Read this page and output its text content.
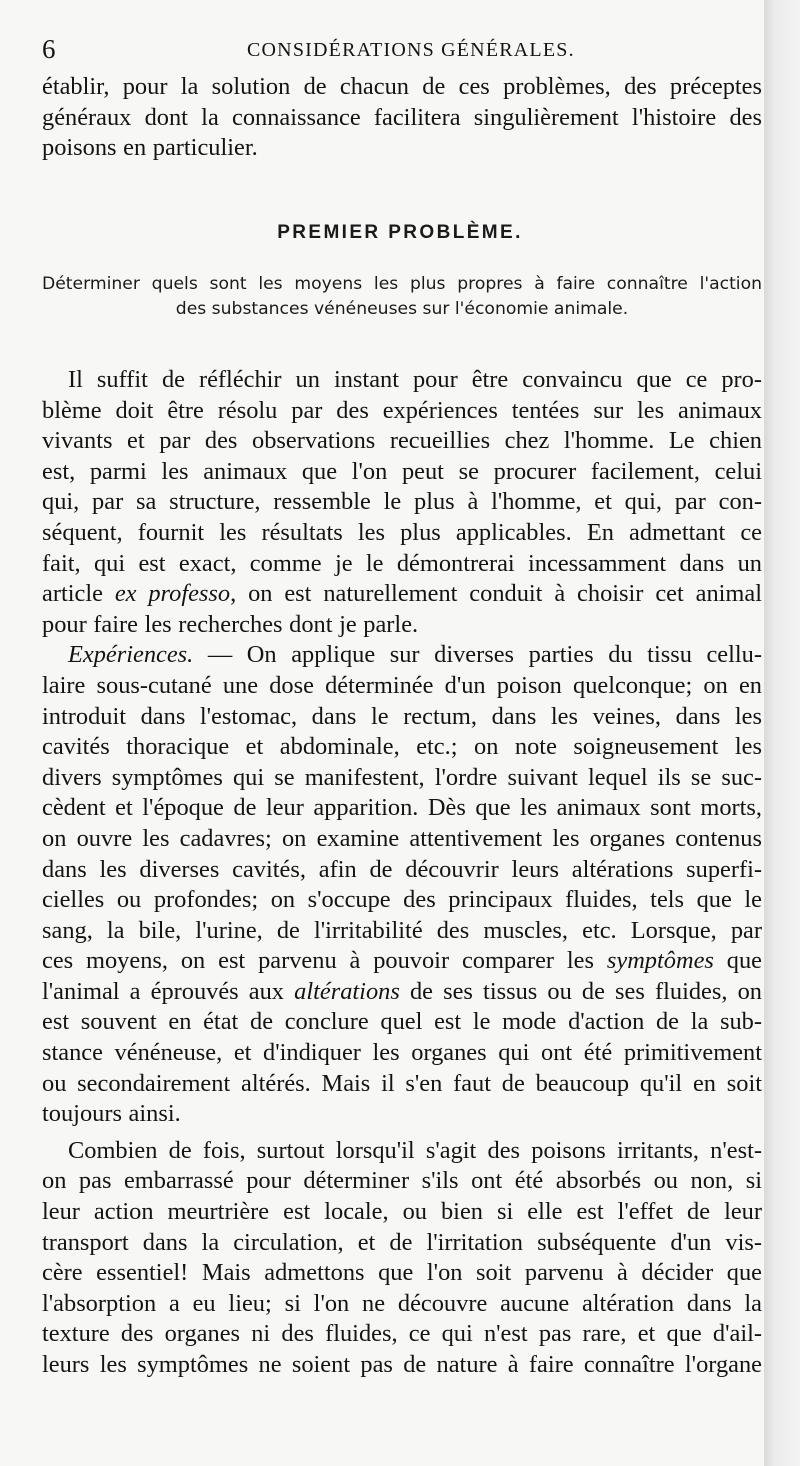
6	CONSIDÉRATIONS GÉNÉRALES.
établir, pour la solution de chacun de ces problèmes, des préceptes
généraux dont la connaissance facilitera singulièrement l'histoire des
poisons en particulier.
PREMIER PROBLÈME.
Déterminer quels sont les moyens les plus propres à faire connaître l'action
des substances vénéneuses sur l'économie animale.
Il suffit de réfléchir un instant pour être convaincu que ce pro-
blème doit être résolu par des expériences tentées sur les animaux
vivants et par des observations recueillies chez l'homme. Le chien
est, parmi les animaux que l'on peut se procurer facilement, celui
qui, par sa structure, ressemble le plus à l'homme, et qui, par con-
séquent, fournit les résultats les plus applicables. En admettant ce
fait, qui est exact, comme je le démontrerai incessamment dans un
article ex professo, on est naturellement conduit à choisir cet animal
pour faire les recherches dont je parle.
Expériences. — On applique sur diverses parties du tissu cellu-
laire sous-cutané une dose déterminée d'un poison quelconque; on en
introduit dans l'estomac, dans le rectum, dans les veines, dans les
cavités thoracique et abdominale, etc.; on note soigneusement les
divers symptômes qui se manifestent, l'ordre suivant lequel ils se suc-
cèdent et l'époque de leur apparition. Dès que les animaux sont morts,
on ouvre les cadavres; on examine attentivement les organes contenus
dans les diverses cavités, afin de découvrir leurs altérations superfi-
cielles ou profondes; on s'occupe des principaux fluides, tels que le
sang, la bile, l'urine, de l'irritabilité des muscles, etc. Lorsque, par
ces moyens, on est parvenu à pouvoir comparer les symptômes que
l'animal a éprouvés aux altérations de ses tissus ou de ses fluides, on
est souvent en état de conclure quel est le mode d'action de la sub-
stance vénéneuse, et d'indiquer les organes qui ont été primitivement
ou secondairement altérés. Mais il s'en faut de beaucoup qu'il en soit
toujours ainsi.
Combien de fois, surtout lorsqu'il s'agit des poisons irritants, n'est-
on pas embarrassé pour déterminer s'ils ont été absorbés ou non, si
leur action meurtrière est locale, ou bien si elle est l'effet de leur
transport dans la circulation, et de l'irritation subséquente d'un vis-
cère essentiel! Mais admettons que l'on soit parvenu à décider que
l'absorption a eu lieu; si l'on ne découvre aucune altération dans la
texture des organes ni des fluides, ce qui n'est pas rare, et que d'ail-
leurs les symptômes ne soient pas de nature à faire connaître l'organe
